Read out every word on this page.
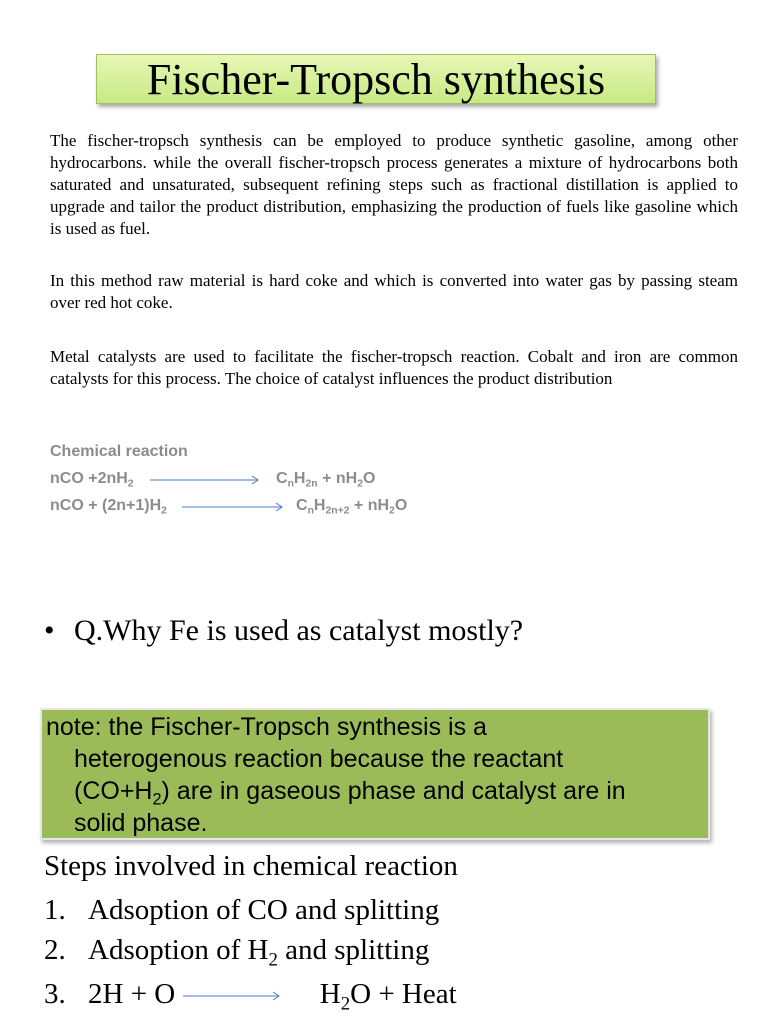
Fischer-Tropsch synthesis

The fischer-tropsch synthesis can be employed to produce synthetic gasoline, among other hydrocarbons. while the overall fischer-tropsch process generates a mixture of hydrocarbons both saturated and unsaturated, subsequent refining steps such as fractional distillation is applied to upgrade and tailor the product distribution, emphasizing the production of fuels like gasoline which is used as fuel.

In this method raw material is hard coke and which is converted into water gas by passing steam over red hot coke.

Metal catalysts are used to facilitate the fischer-tropsch reaction. Cobalt and iron are common catalysts for this process. The choice of catalyst influences the product distribution

Chemical reaction
nCO $+2nH_2$	$C_nH_{2n} + nH_2O$
nCO + $(2n+1)H_2$	$C_nH_{2n+2} + nH_2O$
• Q.Why Fe is used as catalyst mostly?
note: the Fischer-Tropsch synthesis is a
heterogenous reaction because the reactant
$(CO+H_2)$ are in gaseous phase and catalyst are in
solid phase.
Steps involved in chemical reaction
1. Adsoption of CO and splitting
2. Adsoption of $H_2$ and splitting
3. $2H + O \to H_2O$ + Heat
